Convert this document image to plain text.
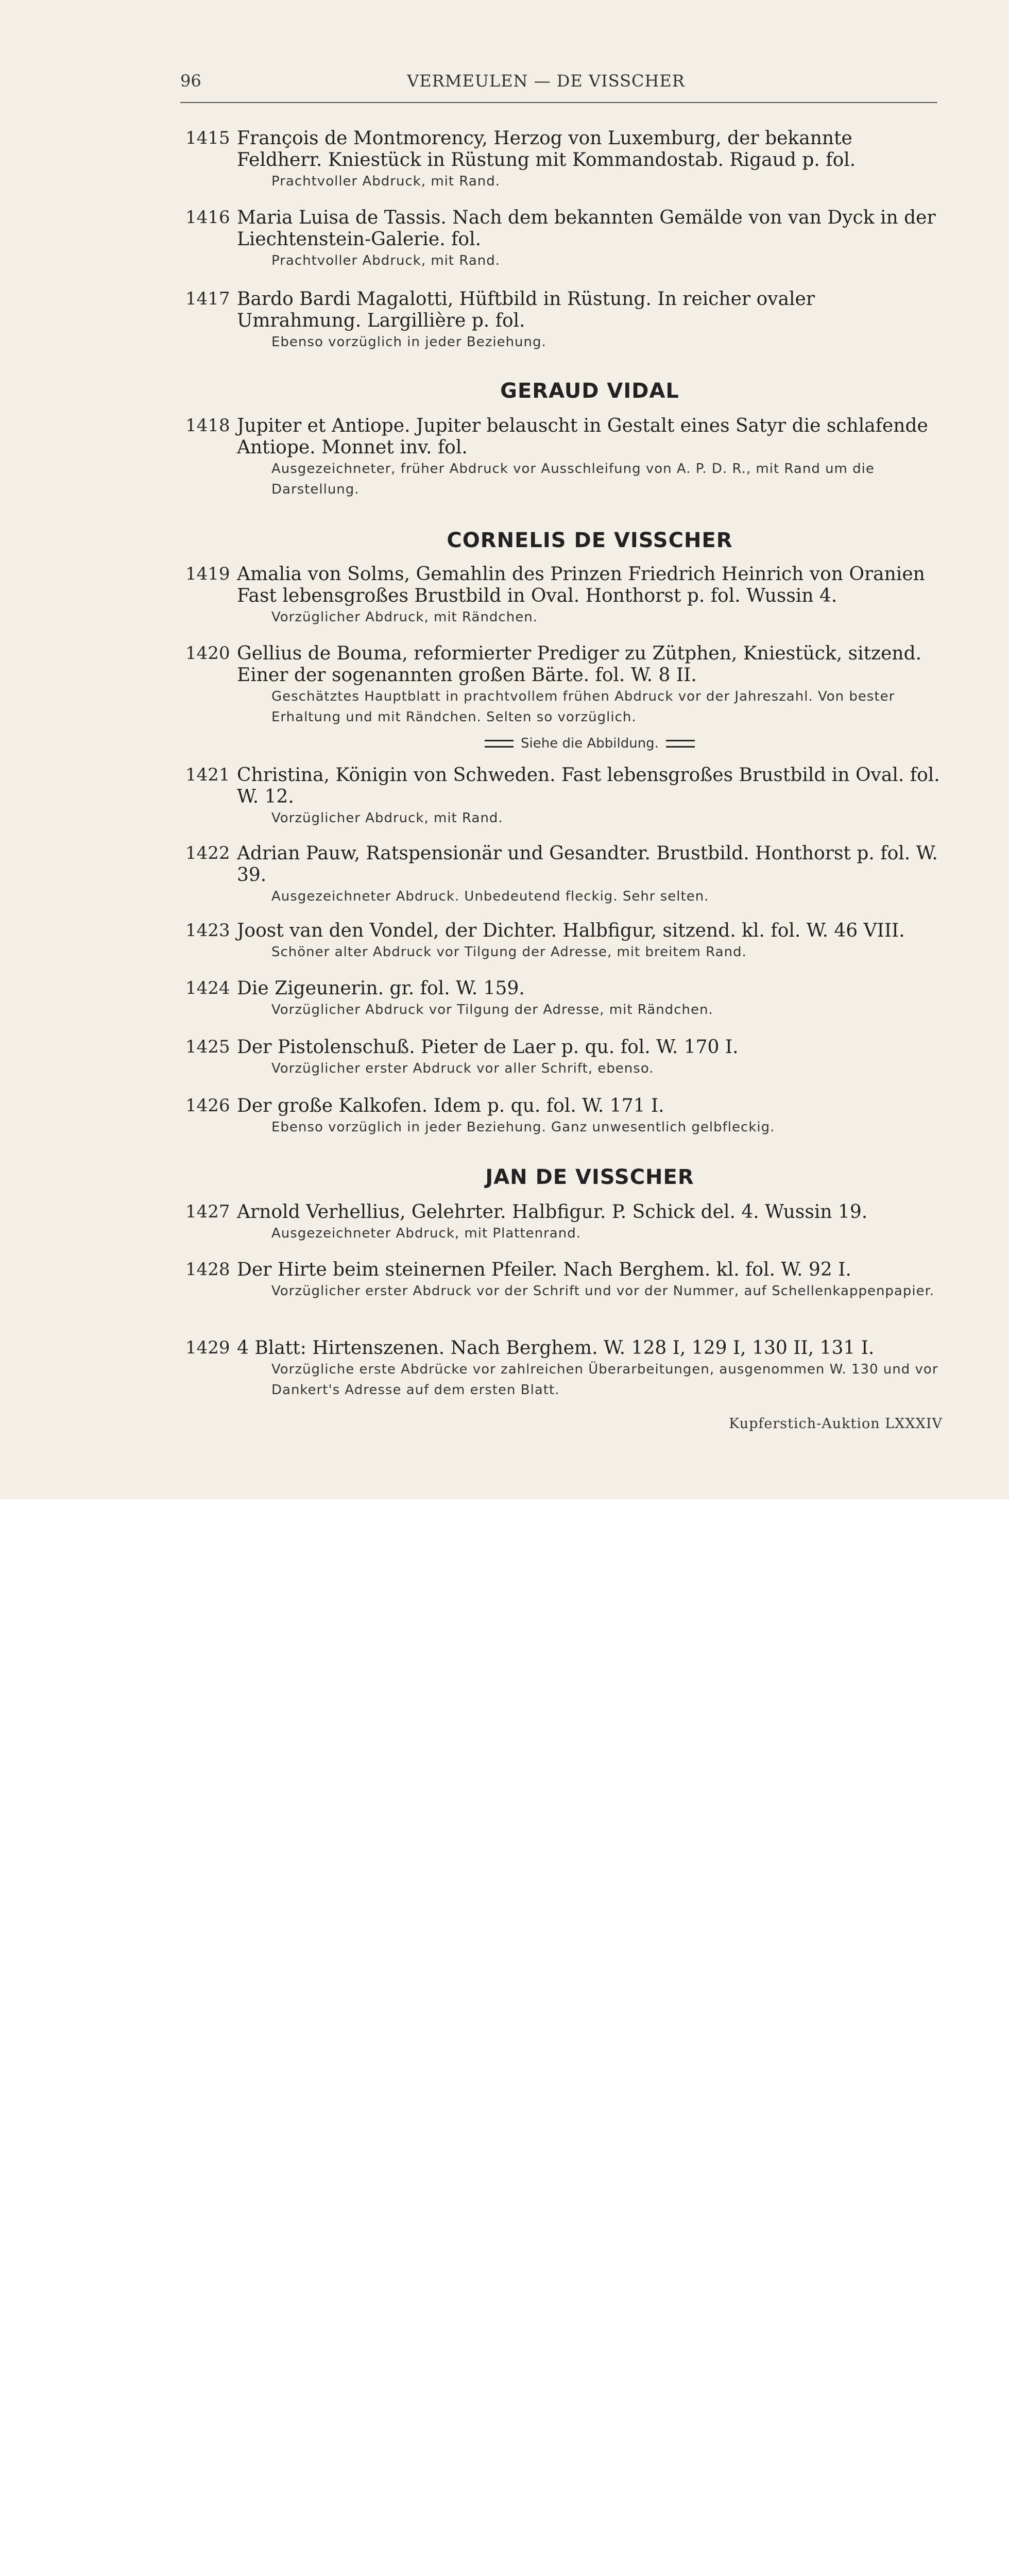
96	VERMEULEN — DE VISSCHER
1415 François de Montmorency, Herzog von Luxemburg, der bekannte Feldherr. Kniestück in Rüstung mit Kommandostab. Rigaud p. fol.
Prachtvoller Abdruck, mit Rand.
1416 Maria Luisa de Tassis. Nach dem bekannten Gemälde von van Dyck in der Liechtenstein-Galerie. fol.
Prachtvoller Abdruck, mit Rand.
1417 Bardo Bardi Magalotti, Hüftbild in Rüstung. In reicher ovaler Umrahmung. Largillière p. fol.
Ebenso vorzüglich in jeder Beziehung.
GERAUD VIDAL
1418 Jupiter et Antiope. Jupiter belauscht in Gestalt eines Satyr die schlafende Antiope. Monnet inv. fol.
Ausgezeichneter, früher Abdruck vor Ausschleifung von A. P. D. R., mit Rand um die Darstellung.
CORNELIS DE VISSCHER
1419 Amalia von Solms, Gemahlin des Prinzen Friedrich Heinrich von Oranien Fast lebensgroßes Brustbild in Oval. Honthorst p. fol. Wussin 4.
Vorzüglicher Abdruck, mit Rändchen.
1420 Gellius de Bouma, reformierter Prediger zu Zütphen, Kniestück, sitzend. Einer der sogenannten großen Bärte. fol. W. 8 II.
Geschätztes Hauptblatt in prachtvollem frühen Abdruck vor der Jahreszahl. Von bester Erhaltung und mit Rändchen. Selten so vorzüglich.
Siehe die Abbildung.
1421 Christina, Königin von Schweden. Fast lebensgroßes Brustbild in Oval. fol. W. 12.
Vorzüglicher Abdruck, mit Rand.
1422 Adrian Pauw, Ratspensionär und Gesandter. Brustbild. Honthorst p. fol. W. 39.
Ausgezeichneter Abdruck. Unbedeutend fleckig. Sehr selten.
1423 Joost van den Vondel, der Dichter. Halbfigur, sitzend. kl. fol. W. 46 VIII.
Schöner alter Abdruck vor Tilgung der Adresse, mit breitem Rand.
1424 Die Zigeunerin. gr. fol. W. 159.
Vorzüglicher Abdruck vor Tilgung der Adresse, mit Rändchen.
1425 Der Pistolenschuß. Pieter de Laer p. qu. fol. W. 170 I.
Vorzüglicher erster Abdruck vor aller Schrift, ebenso.
1426 Der große Kalkofen. Idem p. qu. fol. W. 171 I.
Ebenso vorzüglich in jeder Beziehung. Ganz unwesentlich gelbfleckig.
JAN DE VISSCHER
1427 Arnold Verhellius, Gelehrter. Halbfigur. P. Schick del. 4. Wussin 19.
Ausgezeichneter Abdruck, mit Plattenrand.
1428 Der Hirte beim steinernen Pfeiler. Nach Berghem. kl. fol. W. 92 I.
Vorzüglicher erster Abdruck vor der Schrift und vor der Nummer, auf Schellenkappenpapier.
1429 4 Blatt: Hirtenszenen. Nach Berghem. W. 128 I, 129 I, 130 II, 131 I.
Vorzügliche erste Abdrücke vor zahlreichen Überarbeitungen, ausgenommen W. 130 und vor Dankert's Adresse auf dem ersten Blatt.
Kupferstich-Auktion LXXXIV
